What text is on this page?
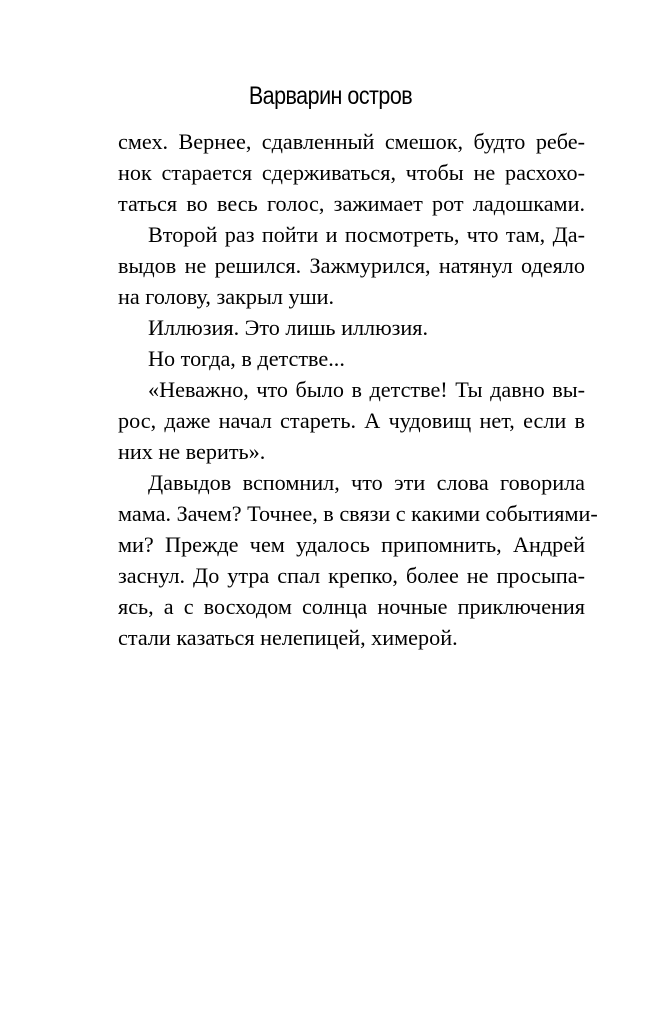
Варварин остров
смех. Вернее, сдавленный смешок, будто ребе-
нок старается сдерживаться, чтобы не расхохо-
таться во весь голос, зажимает рот ладошками.
Второй раз пойти и посмотреть, что там, Да-
выдов не решился. Зажмурился, натянул одеяло
на голову, закрыл уши.
Иллюзия. Это лишь иллюзия.
Но тогда, в детстве...
«Неважно, что было в детстве! Ты давно вы-
рос, даже начал стареть. А чудовищ нет, если в
них не верить».
Давыдов вспомнил, что эти слова говорила
мама. Зачем? Точнее, в связи с какими событиями-
ми? Прежде чем удалось припомнить, Андрей
заснул. До утра спал крепко, более не просыпа-
ясь, а с восходом солнца ночные приключения
стали казаться нелепицей, химерой.
